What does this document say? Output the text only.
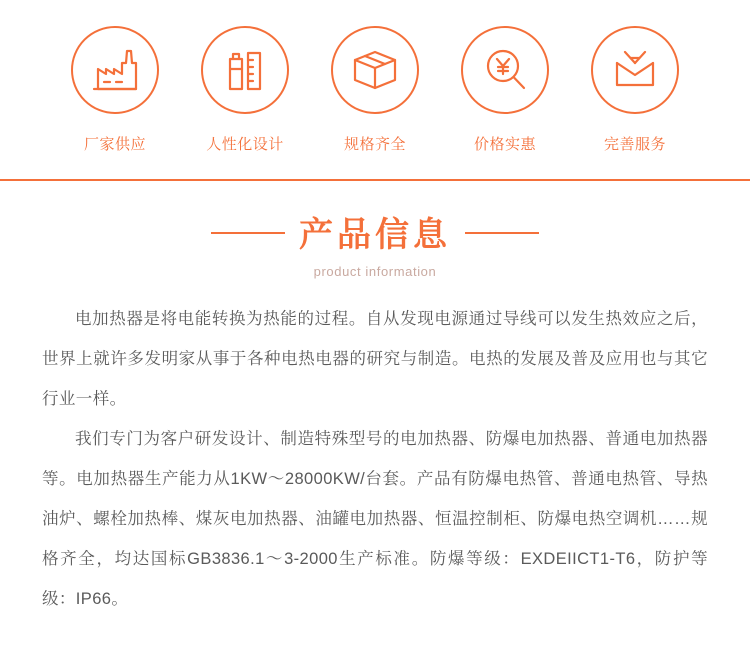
厂家供应	人性化设计	规格齐全	价格实惠	完善服务
产品信息
product information

电加热器是将电能转换为热能的过程。自从发现电源通过导线可以发生热效应之后，世界上就许多发明家从事于各种电热电器的研究与制造。电热的发展及普及应用也与其它行业一样。

我们专门为客户研发设计、制造特殊型号的电加热器、防爆电加热器、普通电加热器等。电加热器生产能力从1KW～28000KW/台套。产品有防爆电热管、普通电热管、导热油炉、螺栓加热棒、煤灰电加热器、油罐电加热器、恒温控制柜、防爆电热空调机……规格齐全，均达国标GB3836.1～3-2000生产标准。防爆等级：EXDEIICT1-T6，防护等级：IP66。
